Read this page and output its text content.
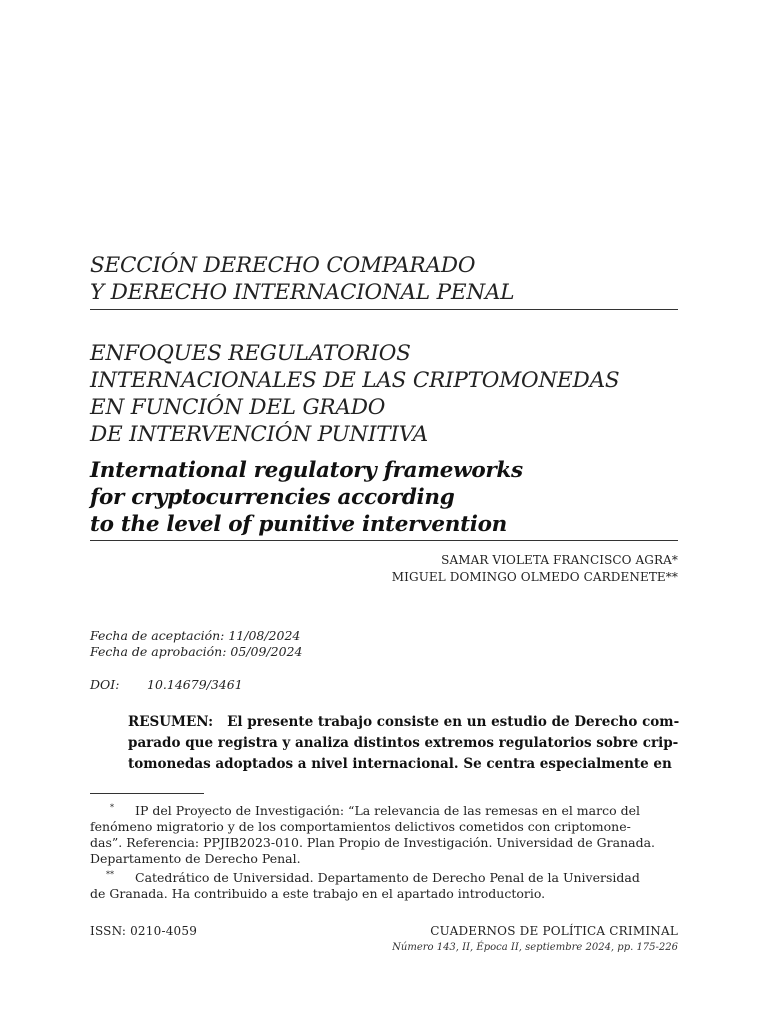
SECCIÓN DERECHO COMPARADO
Y DERECHO INTERNACIONAL PENAL
ENFOQUES REGULATORIOS
INTERNACIONALES DE LAS CRIPTOMONEDAS
EN FUNCIÓN DEL GRADO
DE INTERVENCIÓN PUNITIVA
International regulatory frameworks
for cryptocurrencies according
to the level of punitive intervention
SAMAR VIOLETA FRANCISCO AGRA*
MIGUEL DOMINGO OLMEDO CARDENETE**
Fecha de aceptación: 11/08/2024
Fecha de aprobación: 05/09/2024
DOI: 10.14679/3461
RESUMEN: El presente trabajo consiste en un estudio de Derecho com-
parado que registra y analiza distintos extremos regulatorios sobre crip-
tomonedas adoptados a nivel internacional. Se centra especialmente en
* IP del Proyecto de Investigación: “La relevancia de las remesas en el marco del
fenómeno migratorio y de los comportamientos delictivos cometidos con criptomone-
das”. Referencia: PPJIB2023-010. Plan Propio de Investigación. Universidad de Granada.
Departamento de Derecho Penal.
** Catedrático de Universidad. Departamento de Derecho Penal de la Universidad
de Granada. Ha contribuido a este trabajo en el apartado introductorio.
ISSN: 0210-4059	CUADERNOS DE POLÍTICA CRIMINAL
Número 143, II, Época II, septiembre 2024, pp. 175-226
